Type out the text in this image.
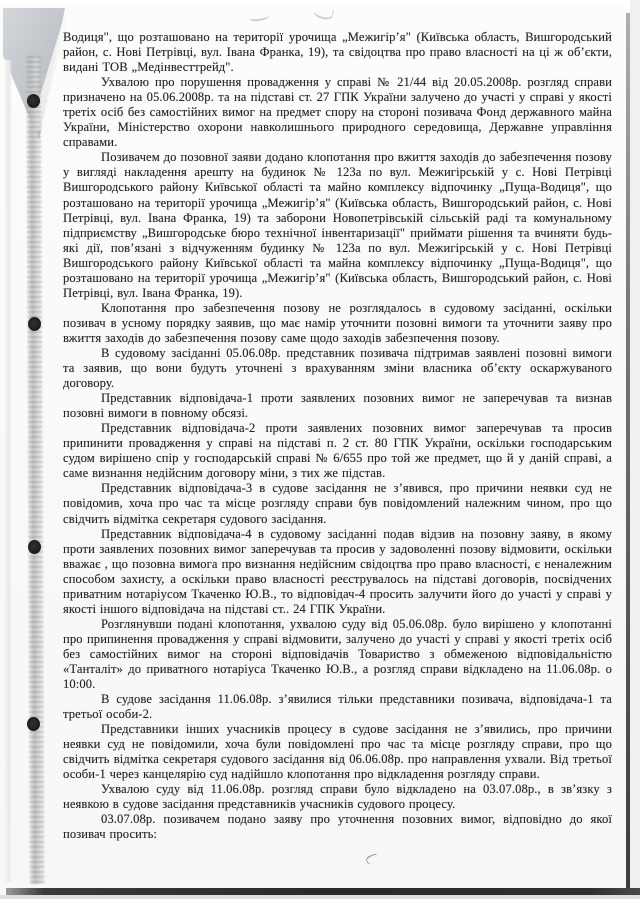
Водиця", що розташовано на території урочища „Межигір’я" (Київська область, Вишгородський район, с. Нові Петрівці, вул. Івана Франка, 19), та свідоцтва про право власності на ці ж об’єкти, видані ТОВ „Медінвесттрейд".

Ухвалою про порушення провадження у справі № 21/44 від 20.05.2008р. розгляд справи призначено на 05.06.2008р. та на підставі ст. 27 ГПК України залучено до участі у справі у якості третіх осіб без самостійних вимог на предмет спору на стороні позивача Фонд державного майна України, Міністерство охорони навколишнього природного середовища, Державне управління справами.

Позивачем до позовної заяви додано клопотання про вжиття заходів до забезпечення позову у вигляді накладення арешту на будинок № 123а по вул. Межигірській у с. Нові Петрівці Вишгородського району Київської області та майно комплексу відпочинку „Пуща-Водиця", що розташовано на території урочища „Межигір’я" (Київська область, Вишгородський район, с. Нові Петрівці, вул. Івана Франка, 19) та заборони Новопетрівській сільській раді та комунальному підприємству „Вишгородське бюро технічної інвентаризації" приймати рішення та вчиняти будь-які дії, пов’язані з відчуженням будинку № 123а по вул. Межигірській у с. Нові Петрівці Вишгородського району Київської області та майна комплексу відпочинку „Пуща-Водиця", що розташовано на території урочища „Межигір’я" (Київська область, Вишгородський район, с. Нові Петрівці, вул. Івана Франка, 19).

Клопотання про забезпечення позову не розглядалось в судовому засіданні, оскільки позивач в усному порядку заявив, що має намір уточнити позовні вимоги та уточнити заяву про вжиття заходів до забезпечення позову саме щодо заходів забезпечення позову.

В судовому засіданні 05.06.08р. представник позивача підтримав заявлені позовні вимоги та заявив, що вони будуть уточнені з врахуванням зміни власника об’єкту оскаржуваного договору.

Представник відповідача-1 проти заявлених позовних вимог не заперечував та визнав позовні вимоги в повному обсязі.

Представник відповідача-2 проти заявлених позовних вимог заперечував та просив припинити провадження у справі на підставі п. 2 ст. 80 ГПК України, оскільки господарським судом вирішено спір у господарській справі № 6/655 про той же предмет, що й у даній справі, а саме визнання недійсним договору міни, з тих же підстав.

Представник відповідача-3 в судове засідання не з’явився, про причини неявки суд не повідомив, хоча про час та місце розгляду справи був повідомлений належним чином, про що свідчить відмітка секретаря судового засідання.

Представник відповідача-4 в судовому засіданні подав відзив на позовну заяву, в якому проти заявлених позовних вимог заперечував та просив у задоволенні позову відмовити, оскільки вважає , що позовна вимога про визнання недійсним свідоцтва про право власності, є неналежним способом захисту, а оскільки право власності реєструвалось на підставі договорів, посвідчених приватним нотаріусом Ткаченко Ю.В., то відповідач-4 просить залучити його до участі у справі у якості іншого відповідача на підставі ст.. 24 ГПК України.

Розглянувши подані клопотання, ухвалою суду від 05.06.08р. було вирішено у клопотанні про припинення провадження у справі відмовити, залучено до участі у справі у якості третіх осіб без самостійних вимог на стороні відповідачів Товариство з обмеженою відповідальністю «Танталіт» до приватного нотаріуса Ткаченко Ю.В., а розгляд справи відкладено на 11.06.08р. о 10:00.

В судове засідання 11.06.08р. з’явилися тільки представники позивача, відповідача-1 та третьої особи-2.

Представники інших учасників процесу в судове засідання не з’явились, про причини неявки суд не повідомили, хоча були повідомлені про час та місце розгляду справи, про що свідчить відмітка секретаря судового засідання від 06.06.08р. про направлення ухвали. Від третьої особи-1 через канцелярію суд надійшло клопотання про відкладення розгляду справи.

Ухвалою суду від 11.06.08р. розгляд справи було відкладено на 03.07.08р., в зв’язку з неявкою в судове засідання представників учасників судового процесу.

03.07.08р. позивачем подано заяву про уточнення позовних вимог, відповідно до якої позивач просить:
